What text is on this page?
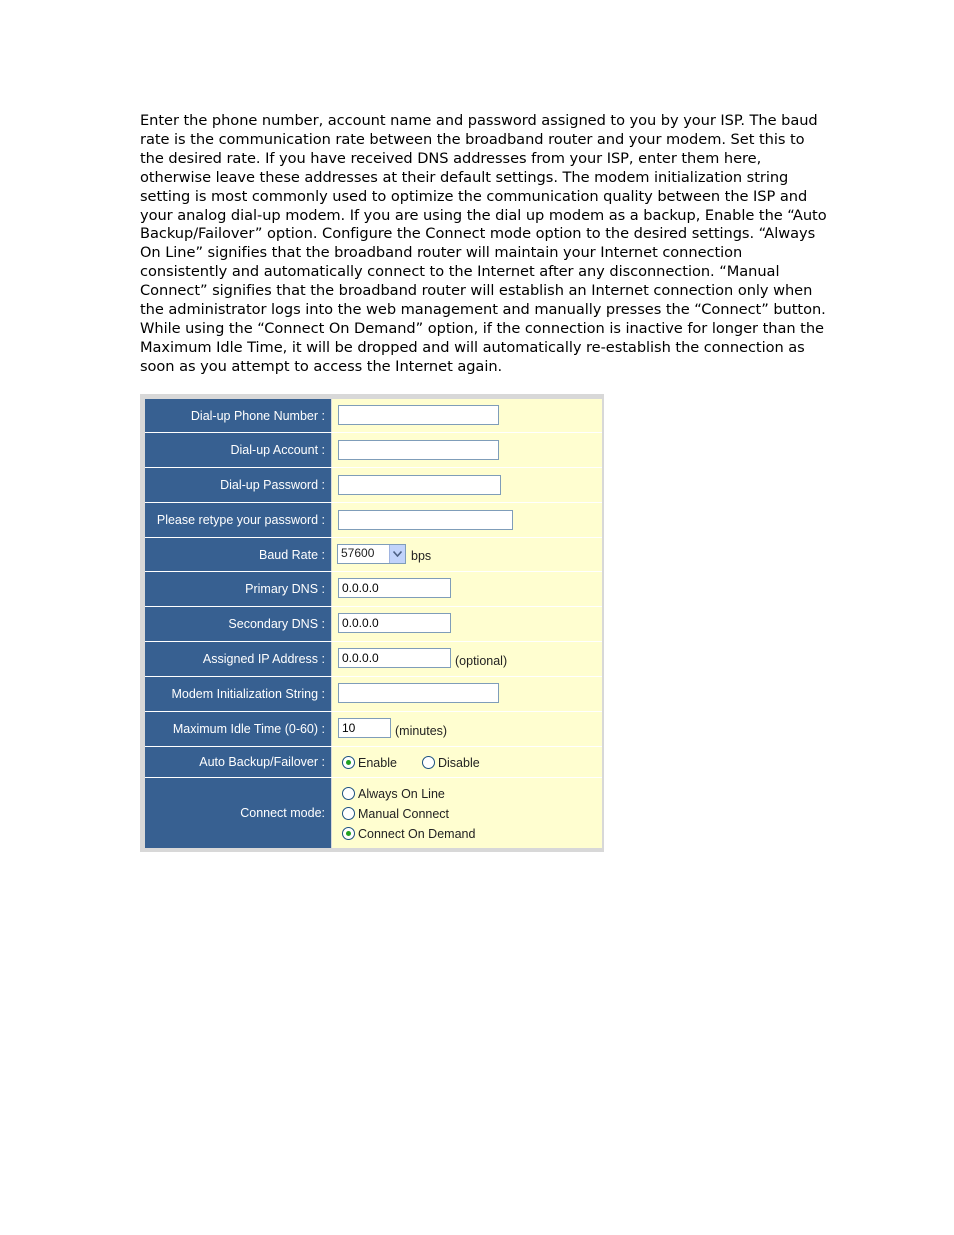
Enter the phone number, account name and password assigned to you by your ISP. The baud rate is the communication rate between the broadband router and your modem. Set this to the desired rate. If you have received DNS addresses from your ISP, enter them here, otherwise leave these addresses at their default settings. The modem initialization string setting is most commonly used to optimize the communication quality between the ISP and your analog dial-up modem. If you are using the dial up modem as a backup, Enable the “Auto Backup/Failover” option. Configure the Connect mode option to the desired settings. “Always On Line” signifies that the broadband router will maintain your Internet connection consistently and automatically connect to the Internet after any disconnection. “Manual Connect” signifies that the broadband router will establish an Internet connection only when the administrator logs into the web management and manually presses the “Connect” button. While using the “Connect On Demand” option, if the connection is inactive for longer than the Maximum Idle Time, it will be dropped and will automatically re-establish the connection as soon as you attempt to access the Internet again.
Dial-up Phone Number :
Dial-up Account :
Dial-up Password :
Please retype your password :
Baud Rate :	57600	bps
Primary DNS :	0.0.0.0
Secondary DNS :	0.0.0.0
Assigned IP Address :	0.0.0.0	(optional)
Modem Initialization String :
Maximum Idle Time (0-60) :	10	(minutes)
Auto Backup/Failover :	Enable	Disable
Connect mode:
Always On Line
Manual Connect
Connect On Demand
